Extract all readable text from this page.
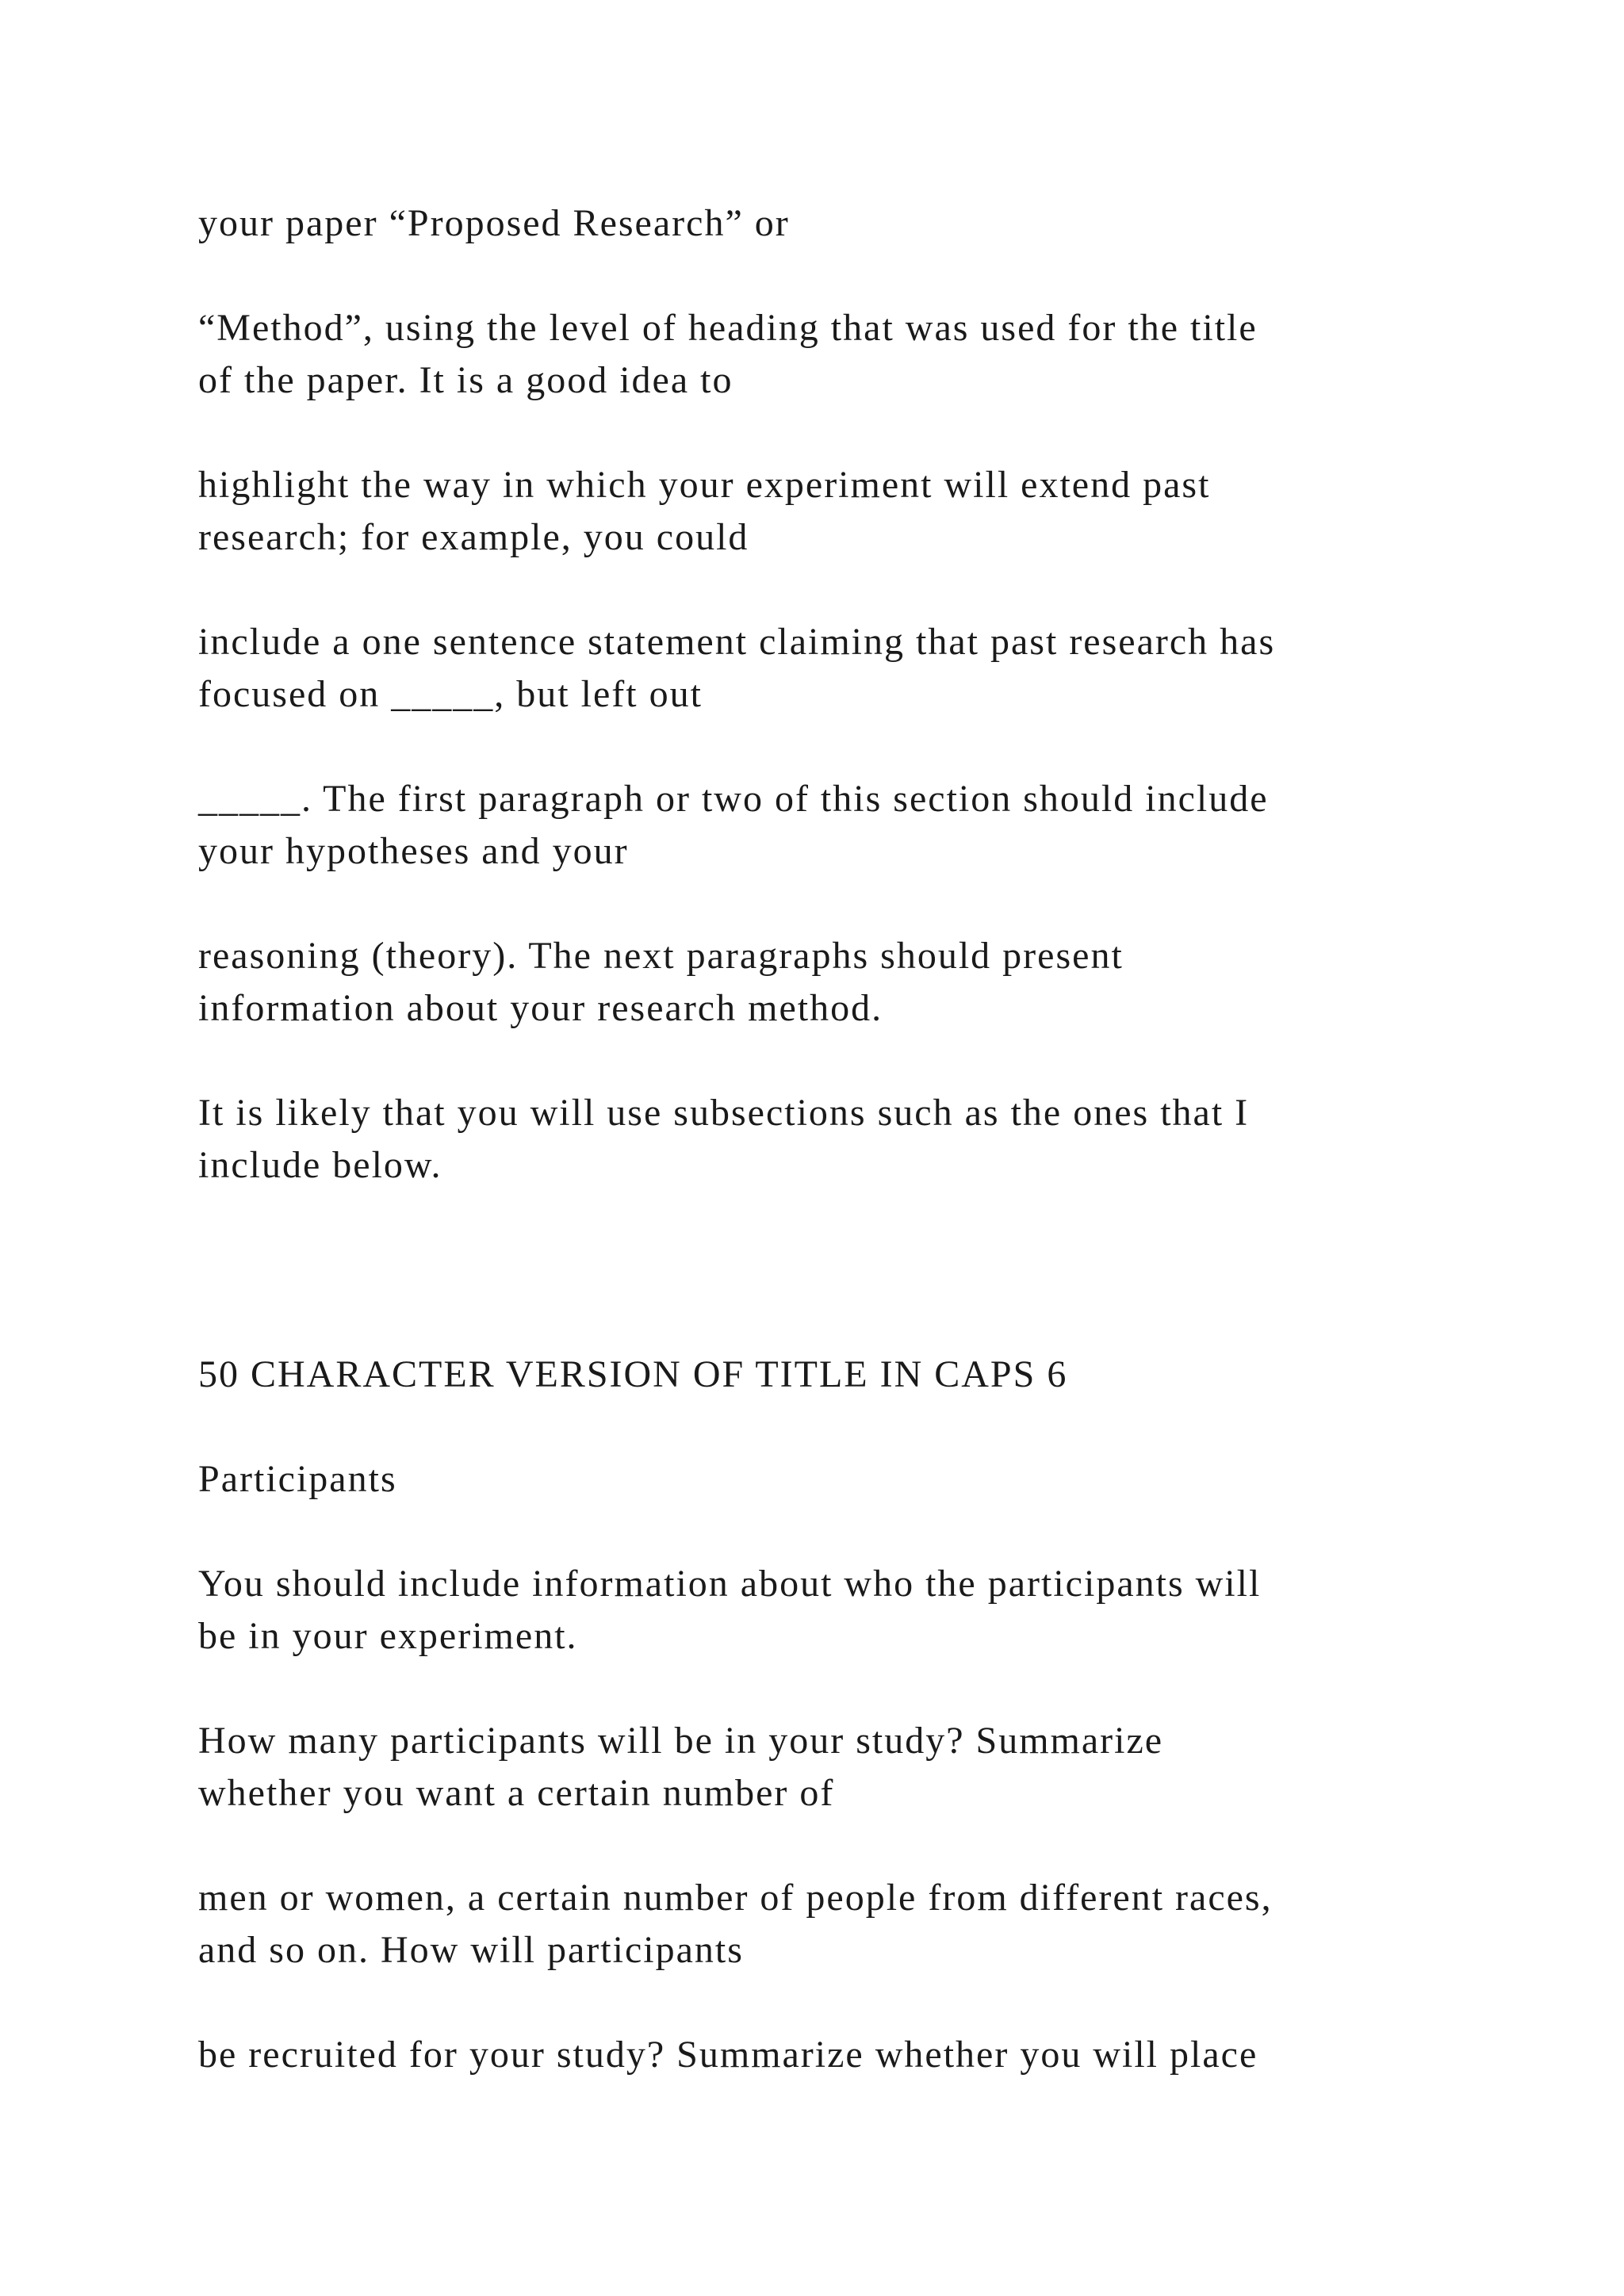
your paper “Proposed Research” or
“Method”, using the level of heading that was used for the title
of the paper. It is a good idea to
highlight the way in which your experiment will extend past
research; for example, you could
include a one sentence statement claiming that past research has
focused on _____, but left out
_____. The first paragraph or two of this section should include
your hypotheses and your
reasoning (theory). The next paragraphs should present
information about your research method.
It is likely that you will use subsections such as the ones that I
include below.
50 CHARACTER VERSION OF TITLE IN CAPS 6
Participants
You should include information about who the participants will
be in your experiment.
How many participants will be in your study? Summarize
whether you want a certain number of
men or women, a certain number of people from different races,
and so on. How will participants
be recruited for your study? Summarize whether you will place
